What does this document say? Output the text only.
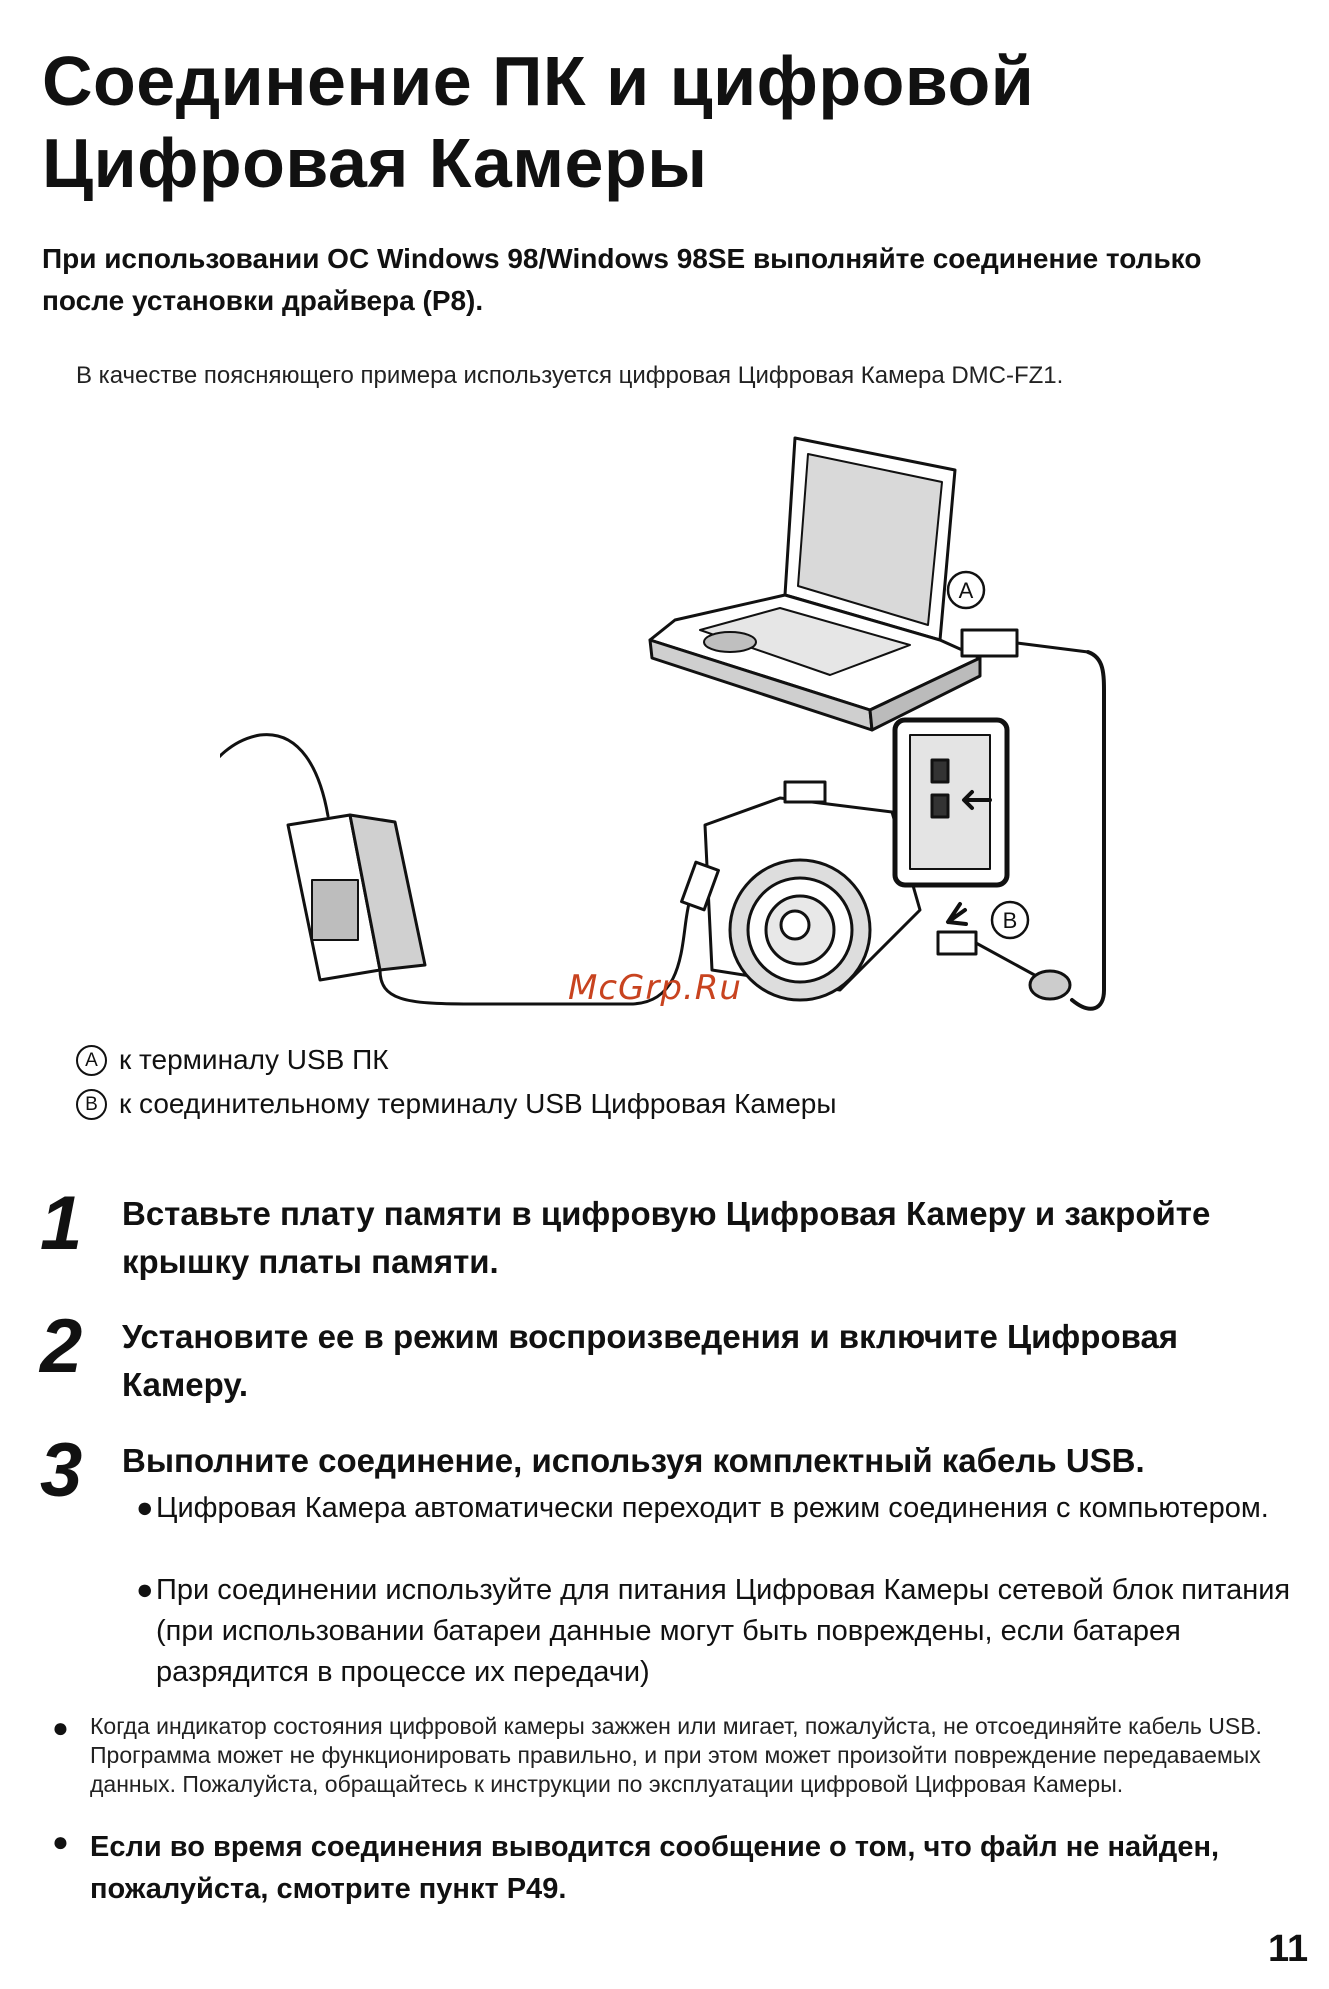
Соединение ПК и цифровой
Цифровая Камеры

При использовании ОС Windows 98/Windows 98SE выполняйте соединение только после установки драйвера (P8).

В качестве поясняющего примера используется цифровая Цифровая Камера DMC-FZ1.

A
B
McGrp.Ru
A к терминалу USB ПК
B к соединительному терминалу USB Цифровая Камеры
1	Вставьте плату памяти в цифровую Цифровая Камеру и закройте крышку платы памяти.
2	Установите ее в режим воспроизведения и включите Цифровая Камеру.
3	Выполните соединение, используя комплектный кабель USB.
● Цифровая Камера автоматически переходит в режим соединения с компьютером.
● При соединении используйте для питания Цифровая Камеры сетевой блок питания (при использовании батареи данные могут быть повреждены, если батарея разрядится в процессе их передачи)
● Когда индикатор состояния цифровой камеры зажжен или мигает, пожалуйста, не отсоединяйте кабель USB. Программа может не функционировать правильно, и при этом может произойти повреждение передаваемых данных. Пожалуйста, обращайтесь к инструкции по эксплуатации цифровой Цифровая Камеры.
● Если во время соединения выводится сообщение о том, что файл не найден, пожалуйста, смотрите пункт P49.
11
